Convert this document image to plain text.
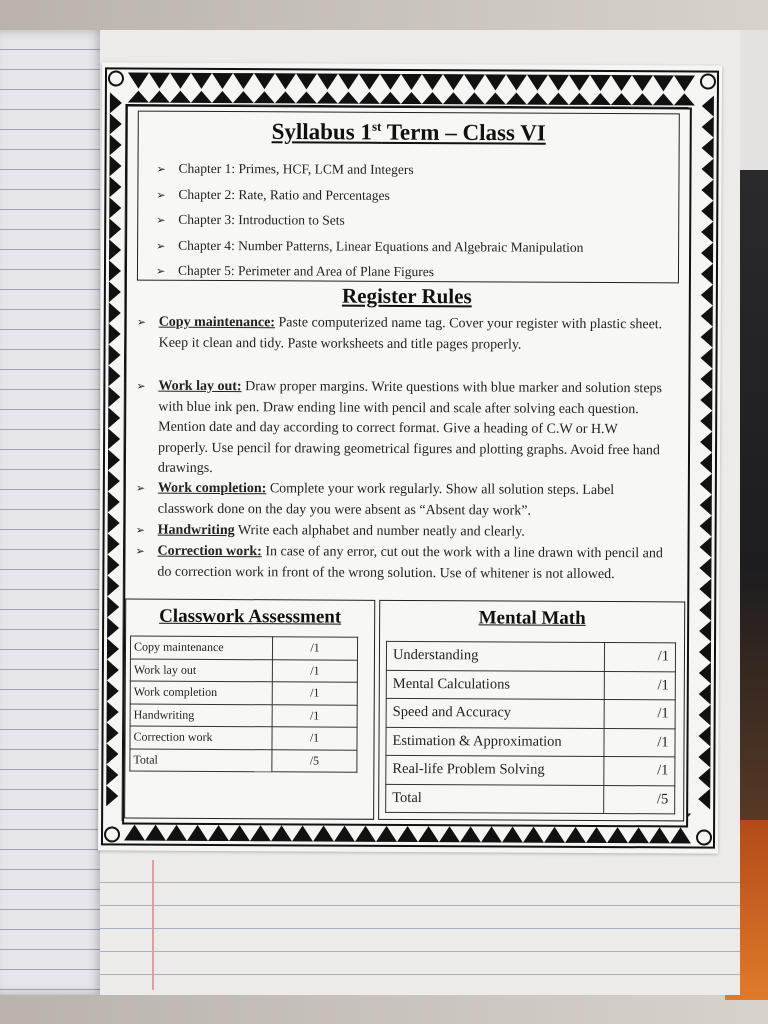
Syllabus 1st Term – Class VI
➢ Chapter 1: Primes, HCF, LCM and Integers
➢ Chapter 2: Rate, Ratio and Percentages
➢ Chapter 3: Introduction to Sets
➢ Chapter 4: Number Patterns, Linear Equations and Algebraic Manipulation
➢ Chapter 5: Perimeter and Area of Plane Figures
Register Rules
➢ Copy maintenance: Paste computerized name tag. Cover your register with plastic sheet. Keep it clean and tidy. Paste worksheets and title pages properly.
➢ Work lay out: Draw proper margins. Write questions with blue marker and solution steps with blue ink pen. Draw ending line with pencil and scale after solving each question. Mention date and day according to correct format. Give a heading of C.W or H.W properly. Use pencil for drawing geometrical figures and plotting graphs. Avoid free hand drawings.
➢ Work completion: Complete your work regularly. Show all solution steps. Label classwork done on the day you were absent as “Absent day work”.
➢ Handwriting Write each alphabet and number neatly and clearly.
➢ Correction work: In case of any error, cut out the work with a line drawn with pencil and do correction work in front of the wrong solution. Use of whitener is not allowed.
Classwork Assessment
Copy maintenance	/1
Work lay out	/1
Work completion	/1
Handwriting	/1
Correction work	/1
Total	/5
Mental Math
Understanding	/1
Mental Calculations	/1
Speed and Accuracy	/1
Estimation & Approximation	/1
Real-life Problem Solving	/1
Total	/5
